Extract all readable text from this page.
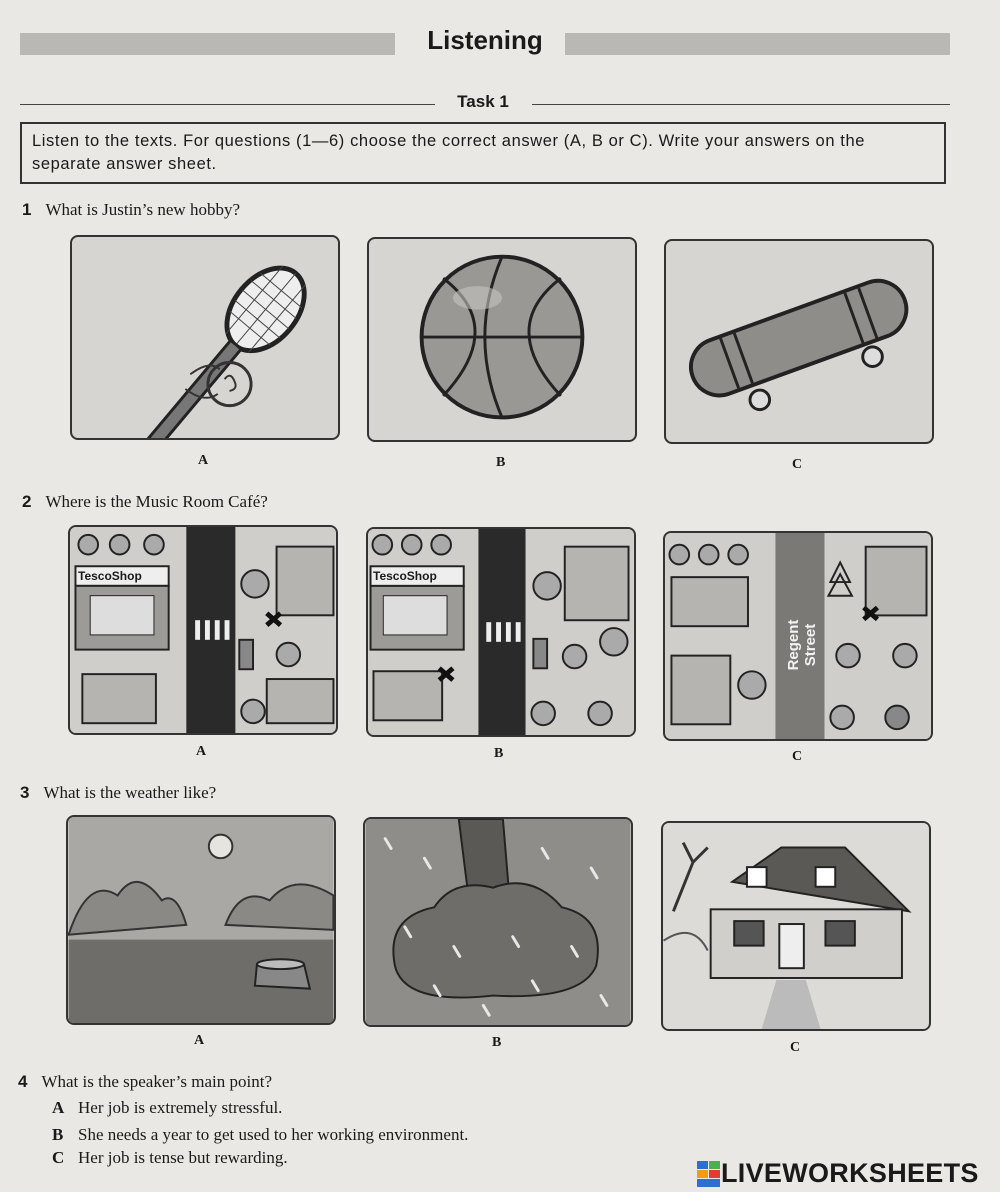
Listening
Task 1
Listen to the texts. For questions (1—6) choose the correct answer (A, B or C). Write your answers on the separate answer sheet.
1 What is Justin’s new hobby?
A	B	C
2 Where is the Music Room Café?
TescoShop	TescoShop
Regent Street
A	B	C
3 What is the weather like?
A	B	C
4 What is the speaker’s main point?
A Her job is extremely stressful.
B She needs a year to get used to her working environment.
C Her job is tense but rewarding.
LIVEWORKSHEETS
